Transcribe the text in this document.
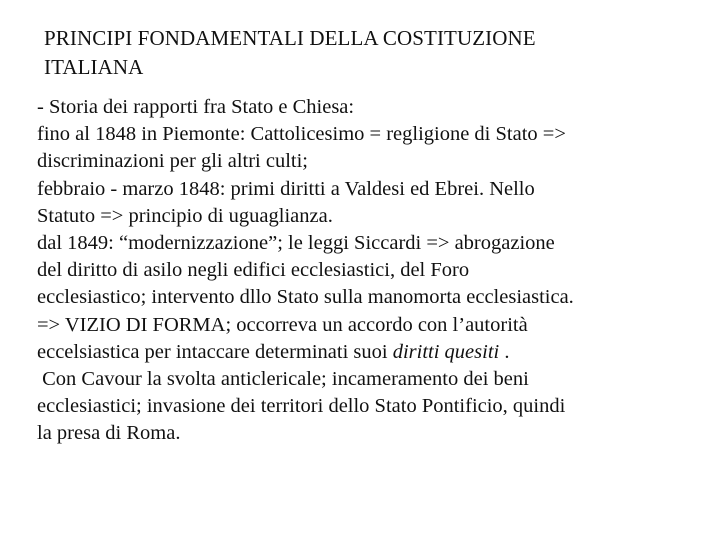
PRINCIPI FONDAMENTALI DELLA COSTITUZIONE
ITALIANA
- Storia dei rapporti fra Stato e Chiesa:
fino al 1848 in Piemonte: Cattolicesimo = regligione di Stato =>
discriminazioni per gli altri culti;
febbraio - marzo 1848: primi diritti a Valdesi ed Ebrei. Nello
Statuto => principio di uguaglianza.
dal 1849: “modernizzazione”; le leggi Siccardi => abrogazione
del diritto di asilo negli edifici ecclesiastici, del Foro
ecclesiastico; intervento dllo Stato sulla manomorta ecclesiastica.
=> VIZIO DI FORMA; occorreva un accordo con l’autorità
eccelsiastica per intaccare determinati suoi diritti quesiti .
Con Cavour la svolta anticlericale; incameramento dei beni
ecclesiastici; invasione dei territori dello Stato Pontificio, quindi
la presa di Roma.
